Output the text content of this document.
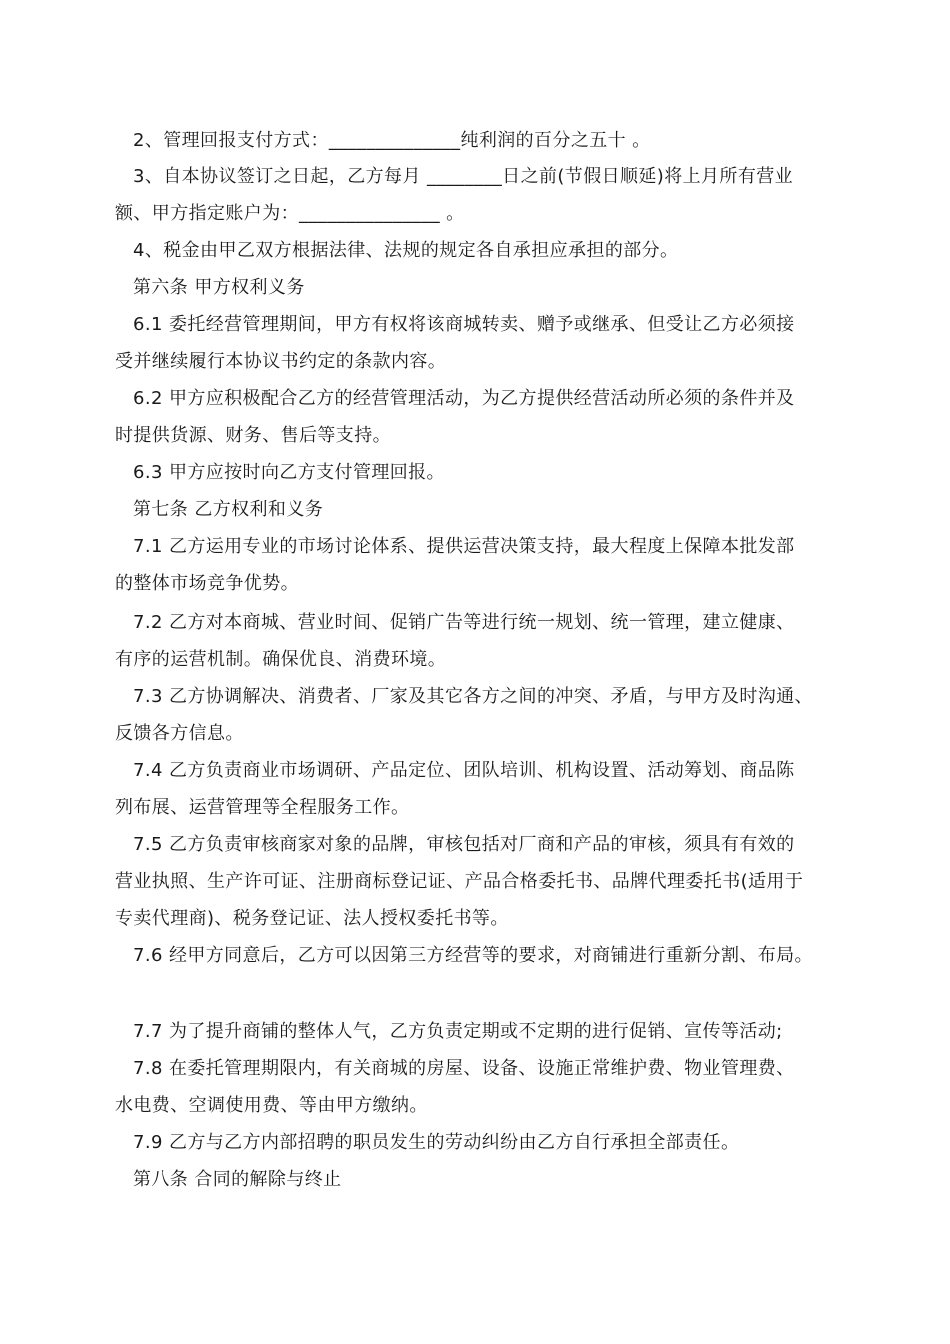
2、管理回报支付方式：______________纯利润的百分之五十 。
3、自本协议签订之日起，乙方每月 ________日之前(节假日顺延)将上月所有营业
额、甲方指定账户为：_______________ 。
4、税金由甲乙双方根据法律、法规的规定各自承担应承担的部分。
第六条 甲方权利义务
6.1 委托经营管理期间，甲方有权将该商城转卖、赠予或继承、但受让乙方必须接
受并继续履行本协议书约定的条款内容。
6.2 甲方应积极配合乙方的经营管理活动，为乙方提供经营活动所必须的条件并及
时提供货源、财务、售后等支持。
6.3 甲方应按时向乙方支付管理回报。
第七条 乙方权利和义务
7.1 乙方运用专业的市场讨论体系、提供运营决策支持，最大程度上保障本批发部
的整体市场竞争优势。
7.2 乙方对本商城、营业时间、促销广告等进行统一规划、统一管理，建立健康、
有序的运营机制。确保优良、消费环境。
7.3 乙方协调解决、消费者、厂家及其它各方之间的冲突、矛盾，与甲方及时沟通、
反馈各方信息。
7.4 乙方负责商业市场调研、产品定位、团队培训、机构设置、活动筹划、商品陈
列布展、运营管理等全程服务工作。
7.5 乙方负责审核商家对象的品牌，审核包括对厂商和产品的审核，须具有有效的
营业执照、生产许可证、注册商标登记证、产品合格委托书、品牌代理委托书(适用于
专卖代理商)、税务登记证、法人授权委托书等。
7.6 经甲方同意后，乙方可以因第三方经营等的要求，对商铺进行重新分割、布局。
7.7 为了提升商铺的整体人气，乙方负责定期或不定期的进行促销、宣传等活动;
7.8 在委托管理期限内，有关商城的房屋、设备、设施正常维护费、物业管理费、
水电费、空调使用费、等由甲方缴纳。
7.9 乙方与乙方内部招聘的职员发生的劳动纠纷由乙方自行承担全部责任。
第八条 合同的解除与终止
